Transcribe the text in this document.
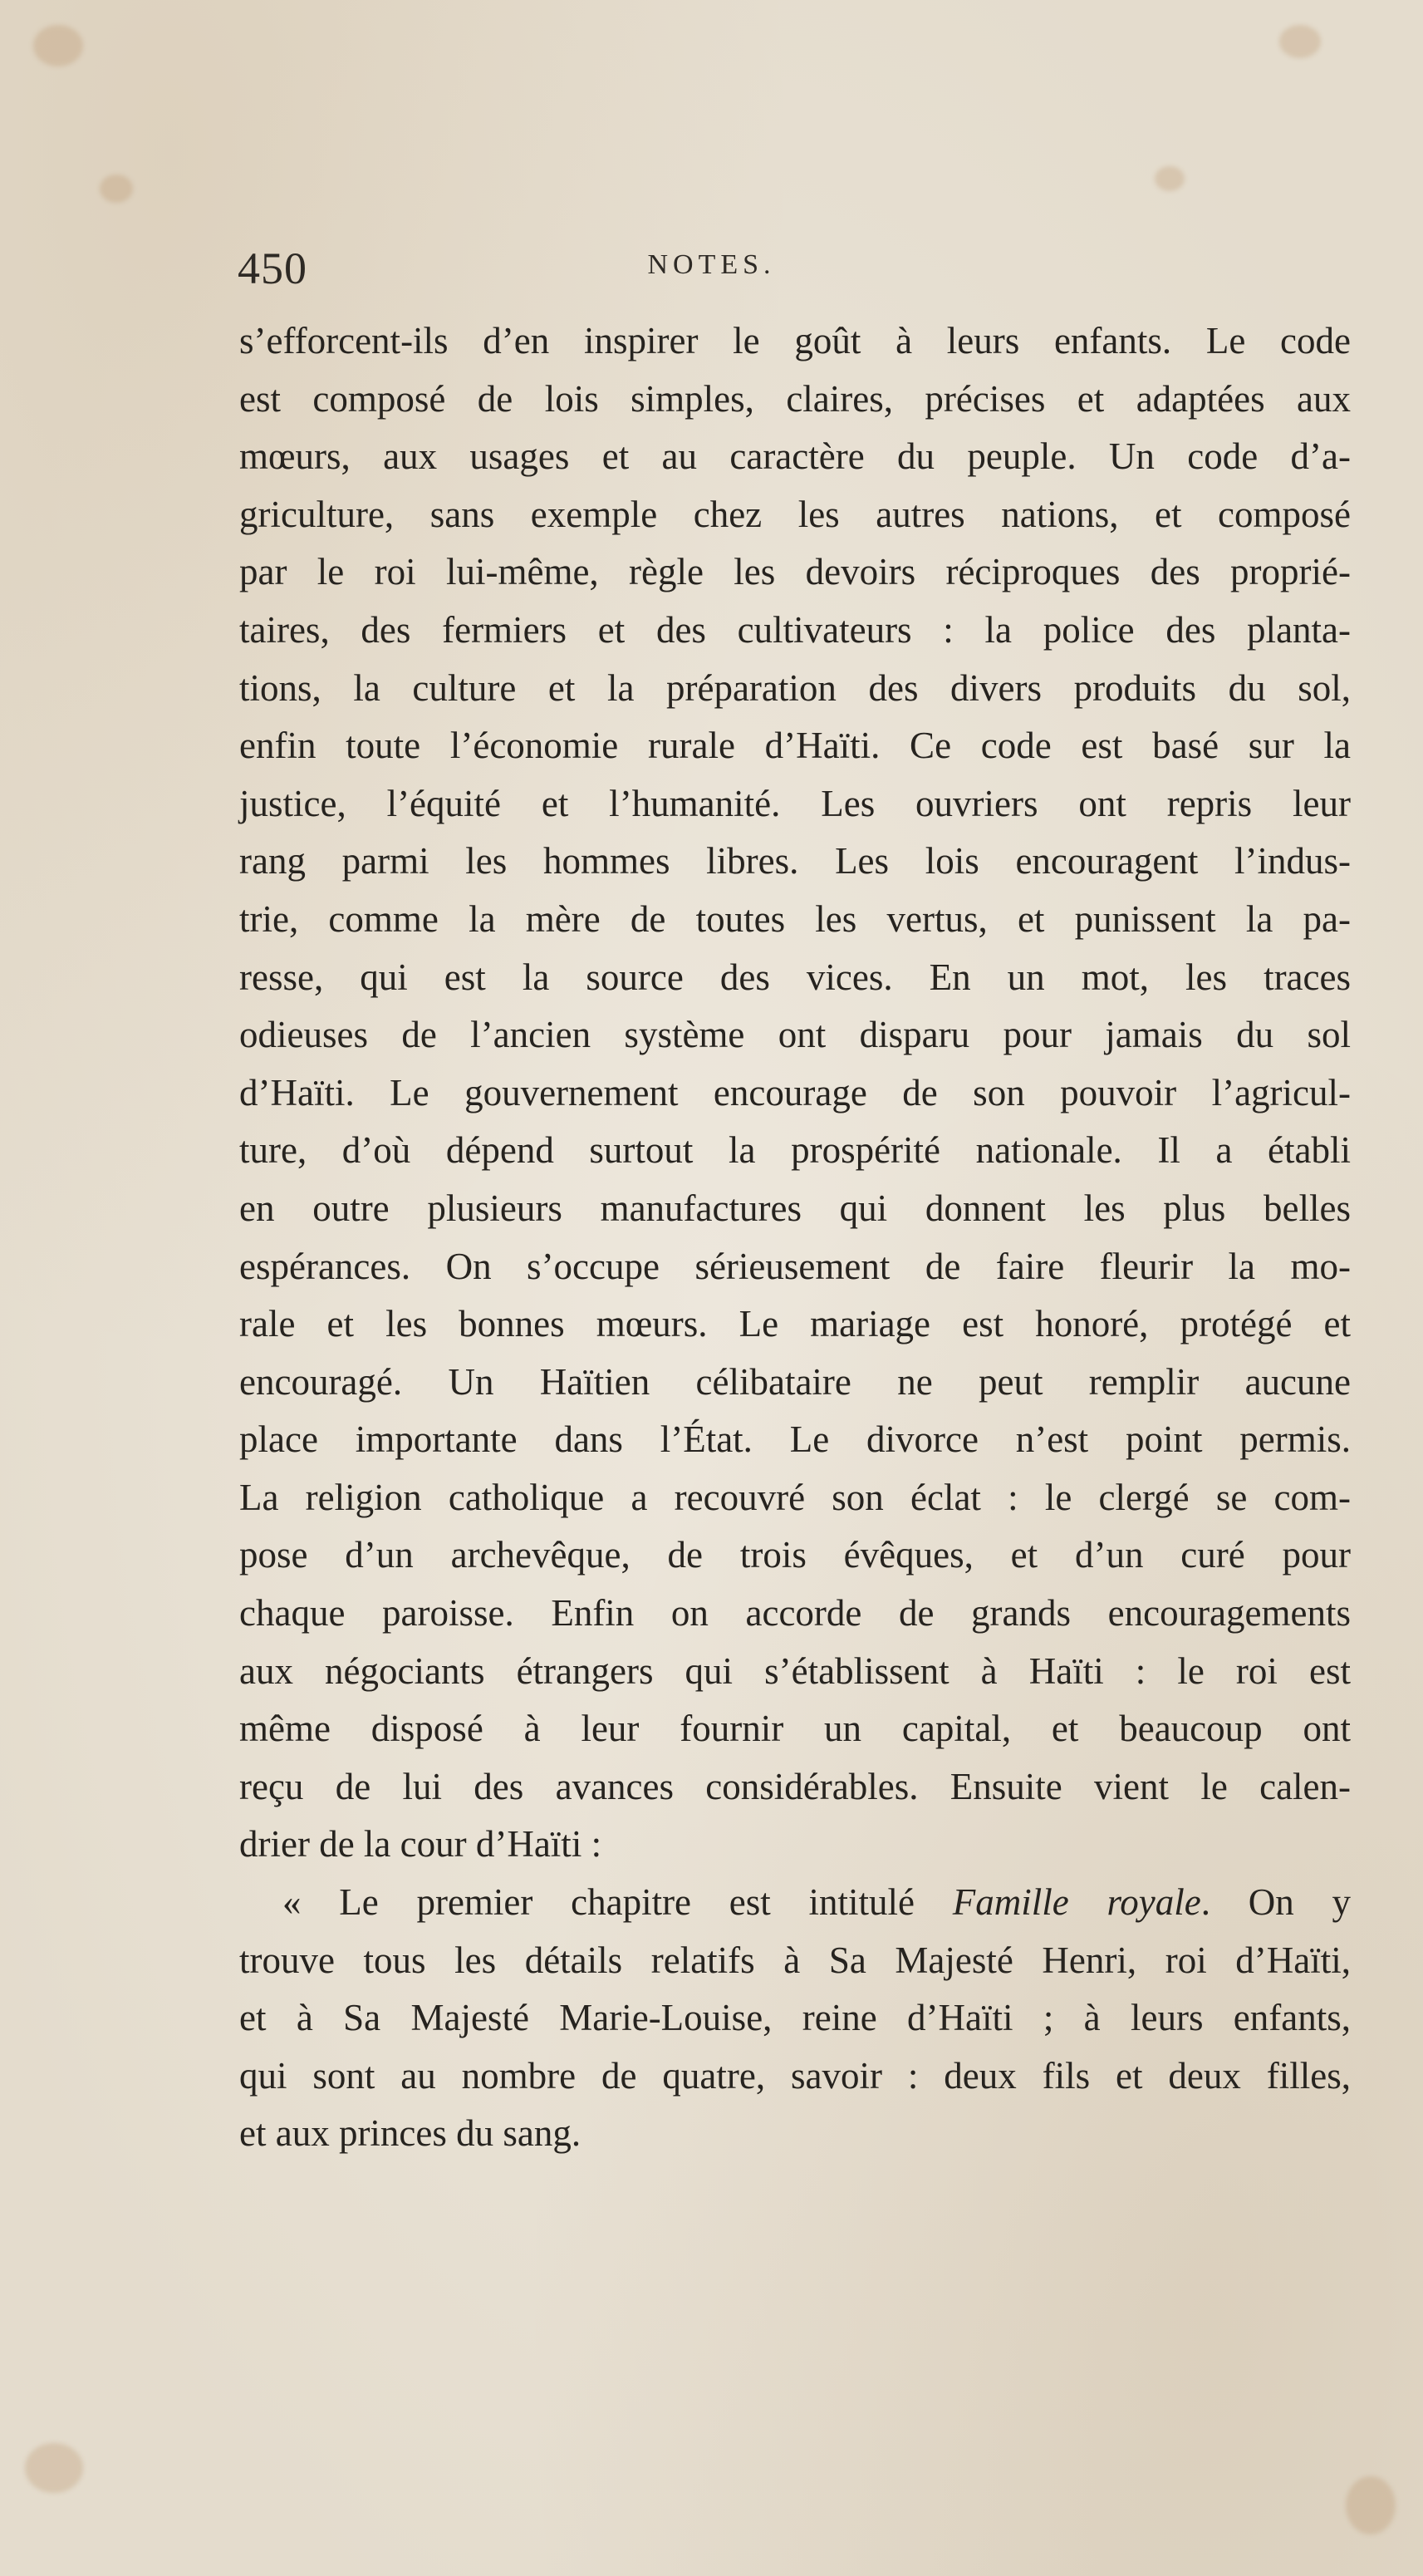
450	NOTES.
s’efforcent-ils d’en inspirer le goût à leurs enfants. Le code
est composé de lois simples, claires, précises et adaptées aux
mœurs, aux usages et au caractère du peuple. Un code d’a-
griculture, sans exemple chez les autres nations, et composé
par le roi lui-même, règle les devoirs réciproques des proprié-
taires, des fermiers et des cultivateurs : la police des planta-
tions, la culture et la préparation des divers produits du sol,
enfin toute l’économie rurale d’Haïti. Ce code est basé sur la
justice, l’équité et l’humanité. Les ouvriers ont repris leur
rang parmi les hommes libres. Les lois encouragent l’indus-
trie, comme la mère de toutes les vertus, et punissent la pa-
resse, qui est la source des vices. En un mot, les traces
odieuses de l’ancien système ont disparu pour jamais du sol
d’Haïti. Le gouvernement encourage de son pouvoir l’agricul-
ture, d’où dépend surtout la prospérité nationale. Il a établi
en outre plusieurs manufactures qui donnent les plus belles
espérances. On s’occupe sérieusement de faire fleurir la mo-
rale et les bonnes mœurs. Le mariage est honoré, protégé et
encouragé. Un Haïtien célibataire ne peut remplir aucune
place importante dans l’État. Le divorce n’est point permis.
La religion catholique a recouvré son éclat : le clergé se com-
pose d’un archevêque, de trois évêques, et d’un curé pour
chaque paroisse. Enfin on accorde de grands encouragements
aux négociants étrangers qui s’établissent à Haïti : le roi est
même disposé à leur fournir un capital, et beaucoup ont
reçu de lui des avances considérables. Ensuite vient le calen-
drier de la cour d’Haïti :
« Le premier chapitre est intitulé Famille royale. On y
trouve tous les détails relatifs à Sa Majesté Henri, roi d’Haïti,
et à Sa Majesté Marie-Louise, reine d’Haïti ; à leurs enfants,
qui sont au nombre de quatre, savoir : deux fils et deux filles,
et aux princes du sang.
